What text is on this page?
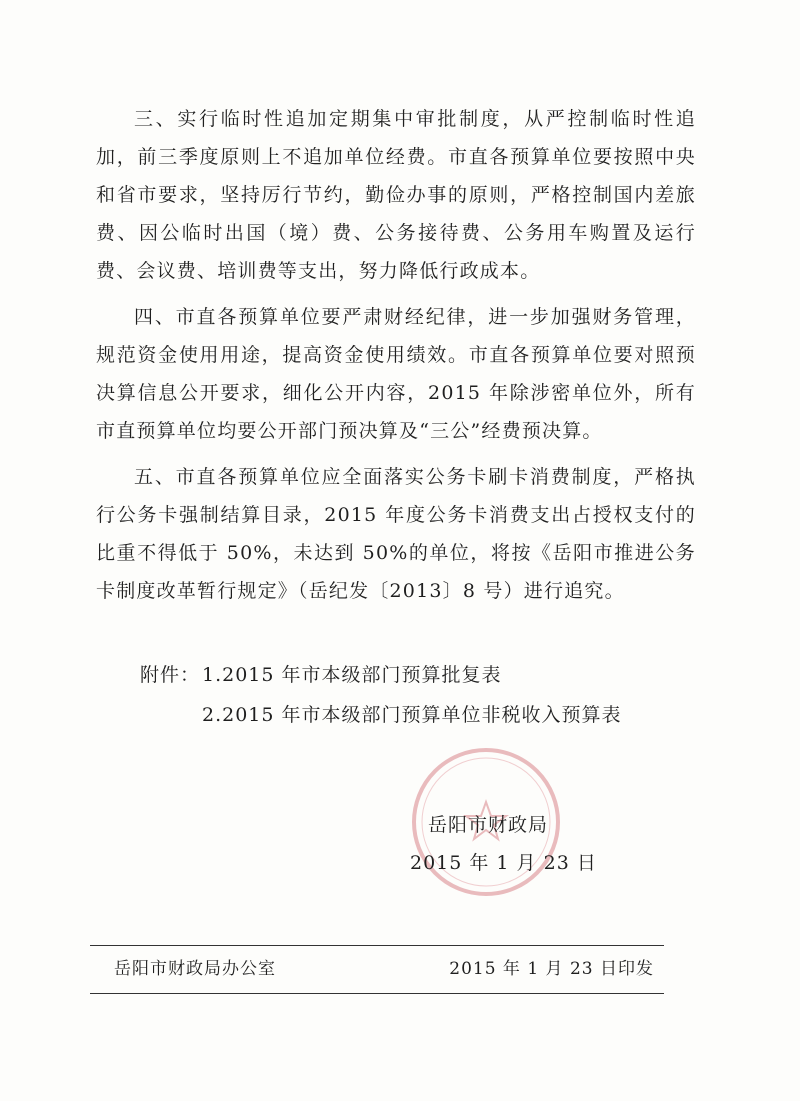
三、实行临时性追加定期集中审批制度，从严控制临时性追加，前三季度原则上不追加单位经费。市直各预算单位要按照中央和省市要求，坚持厉行节约，勤俭办事的原则，严格控制国内差旅费、因公临时出国（境）费、公务接待费、公务用车购置及运行费、会议费、培训费等支出，努力降低行政成本。

四、市直各预算单位要严肃财经纪律，进一步加强财务管理，规范资金使用用途，提高资金使用绩效。市直各预算单位要对照预决算信息公开要求，细化公开内容，2015 年除涉密单位外，所有市直预算单位均要公开部门预决算及“三公”经费预决算。

五、市直各预算单位应全面落实公务卡刷卡消费制度，严格执行公务卡强制结算目录，2015 年度公务卡消费支出占授权支付的比重不得低于 50%，未达到 50%的单位，将按《岳阳市推进公务卡制度改革暂行规定》（岳纪发〔2013〕8 号）进行追究。

附件： 1.2015 年市本级部门预算批复表
2.2015 年市本级部门预算单位非税收入预算表
岳阳市财政局
2015 年 1 月 23 日
岳阳市财政局办公室	2015 年 1 月 23 日印发
